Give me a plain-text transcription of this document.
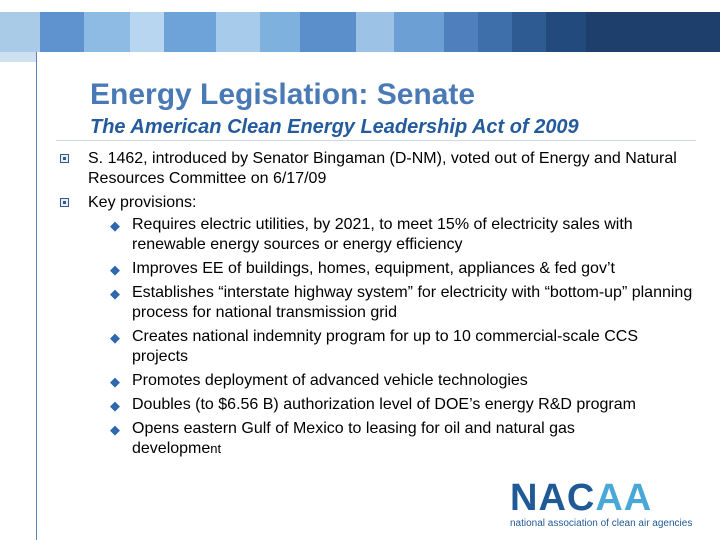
Energy Legislation: Senate
The American Clean Energy Leadership Act of 2009
S. 1462, introduced by Senator Bingaman (D-NM), voted out of Energy and Natural Resources Committee on 6/17/09
Key provisions:
◆ Requires electric utilities, by 2021, to meet 15% of electricity sales with renewable energy sources or energy efficiency
◆ Improves EE of buildings, homes, equipment, appliances & fed gov’t
◆ Establishes “interstate highway system” for electricity with “bottom-up” planning process for national transmission grid
◆ Creates national indemnity program for up to 10 commercial-scale CCS projects
◆ Promotes deployment of advanced vehicle technologies
◆ Doubles (to $6.56 B) authorization level of DOE’s energy R&D program
◆ Opens eastern Gulf of Mexico to leasing for oil and natural gas development
NACAA
national association of clean air agencies
